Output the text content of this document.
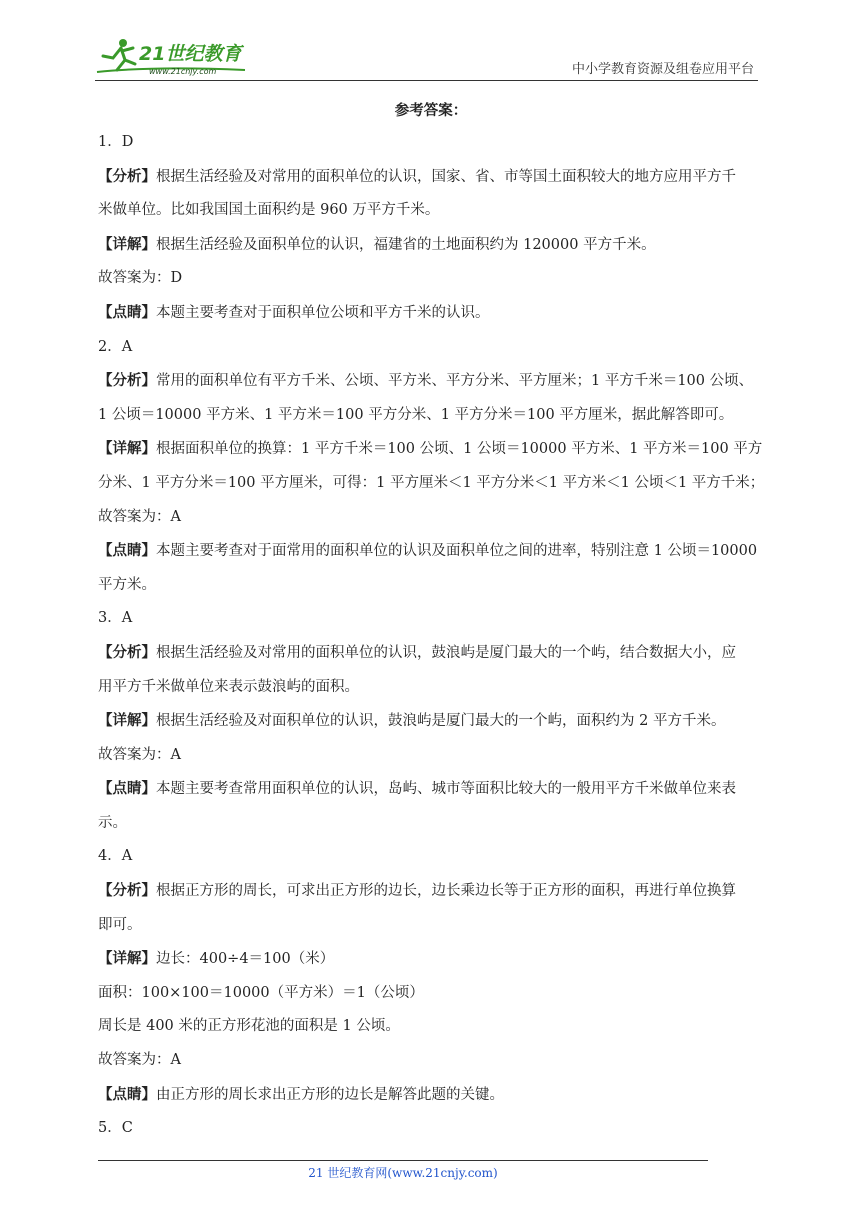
21世纪教育
www.21cnjy.com	中小学教育资源及组卷应用平台

参考答案：

1．D

【分析】根据生活经验及对常用的面积单位的认识，国家、省、市等国土面积较大的地方应用平方千

米做单位。比如我国国土面积约是 960 万平方千米。

【详解】根据生活经验及面积单位的认识，福建省的土地面积约为 120000 平方千米。

故答案为：D

【点睛】本题主要考查对于面积单位公顷和平方千米的认识。

2．A

【分析】常用的面积单位有平方千米、公顷、平方米、平方分米、平方厘米；1 平方千米＝100 公顷、

1 公顷＝10000 平方米、1 平方米＝100 平方分米、1 平方分米＝100 平方厘米，据此解答即可。

【详解】根据面积单位的换算：1 平方千米＝100 公顷、1 公顷＝10000 平方米、1 平方米＝100 平方

分米、1 平方分米＝100 平方厘米，可得：1 平方厘米＜1 平方分米＜1 平方米＜1 公顷＜1 平方千米；

故答案为：A

【点睛】本题主要考查对于面常用的面积单位的认识及面积单位之间的进率，特别注意 1 公顷＝10000

平方米。

3．A

【分析】根据生活经验及对常用的面积单位的认识，鼓浪屿是厦门最大的一个屿，结合数据大小，应

用平方千米做单位来表示鼓浪屿的面积。

【详解】根据生活经验及对面积单位的认识，鼓浪屿是厦门最大的一个屿，面积约为 2 平方千米。

故答案为：A

【点睛】本题主要考查常用面积单位的认识，岛屿、城市等面积比较大的一般用平方千米做单位来表

示。

4．A

【分析】根据正方形的周长，可求出正方形的边长，边长乘边长等于正方形的面积，再进行单位换算

即可。

【详解】边长：400÷4＝100（米）

面积：100×100＝10000（平方米）＝1（公顷）

周长是 400 米的正方形花池的面积是 1 公顷。

故答案为：A

【点睛】由正方形的周长求出正方形的边长是解答此题的关键。

5．C

21 世纪教育网(www.21cnjy.com)
